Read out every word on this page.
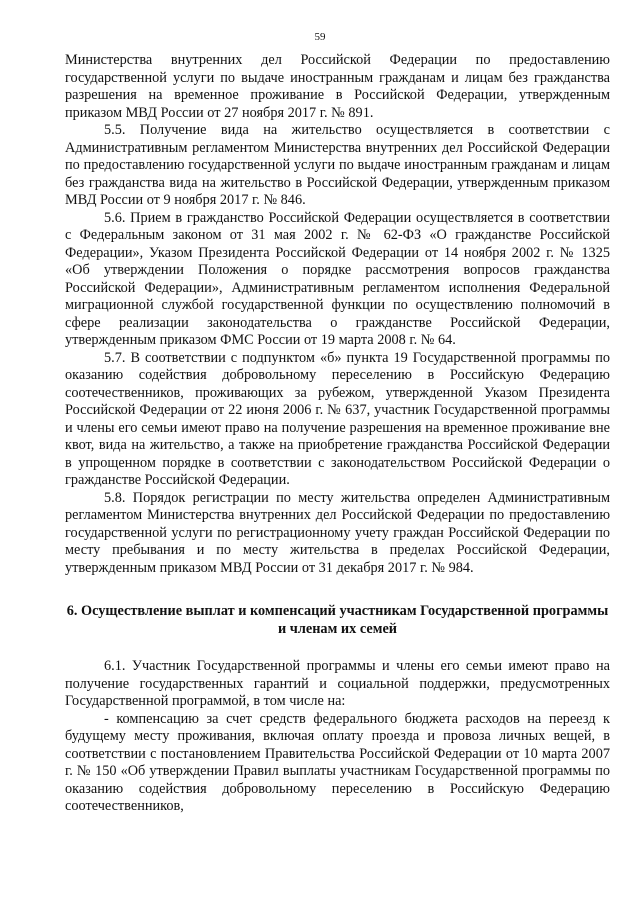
59

Министерства внутренних дел Российской Федерации по предоставлению государственной услуги по выдаче иностранным гражданам и лицам без гражданства разрешения на временное проживание в Российской Федерации, утвержденным приказом МВД России от 27 ноября 2017 г. № 891.

5.5. Получение вида на жительство осуществляется в соответствии с Административным регламентом Министерства внутренних дел Российской Федерации по предоставлению государственной услуги по выдаче иностранным гражданам и лицам без гражданства вида на жительство в Российской Федерации, утвержденным приказом МВД России от 9 ноября 2017 г. № 846.

5.6. Прием в гражданство Российской Федерации осуществляется в соответствии с Федеральным законом от 31 мая 2002 г. № 62-ФЗ «О гражданстве Российской Федерации», Указом Президента Российской Федерации от 14 ноября 2002 г. № 1325 «Об утверждении Положения о порядке рассмотрения вопросов гражданства Российской Федерации», Административным регламентом исполнения Федеральной миграционной службой государственной функции по осуществлению полномочий в сфере реализации законодательства о гражданстве Российской Федерации, утвержденным приказом ФМС России от 19 марта 2008 г. № 64.

5.7. В соответствии с подпунктом «б» пункта 19 Государственной программы по оказанию содействия добровольному переселению в Российскую Федерацию соотечественников, проживающих за рубежом, утвержденной Указом Президента Российской Федерации от 22 июня 2006 г. № 637, участник Государственной программы и члены его семьи имеют право на получение разрешения на временное проживание вне квот, вида на жительство, а также на приобретение гражданства Российской Федерации в упрощенном порядке в соответствии с законодательством Российской Федерации о гражданстве Российской Федерации.

5.8. Порядок регистрации по месту жительства определен Административным регламентом Министерства внутренних дел Российской Федерации по предоставлению государственной услуги по регистрационному учету граждан Российской Федерации по месту пребывания и по месту жительства в пределах Российской Федерации, утвержденным приказом МВД России от 31 декабря 2017 г. № 984.

6. Осуществление выплат и компенсаций участникам Государственной программы и членам их семей

6.1. Участник Государственной программы и члены его семьи имеют право на получение государственных гарантий и социальной поддержки, предусмотренных Государственной программой, в том числе на:

- компенсацию за счет средств федерального бюджета расходов на переезд к будущему месту проживания, включая оплату проезда и провоза личных вещей, в соответствии с постановлением Правительства Российской Федерации от 10 марта 2007 г. № 150 «Об утверждении Правил выплаты участникам Государственной программы по оказанию содействия добровольному переселению в Российскую Федерацию соотечественников,
